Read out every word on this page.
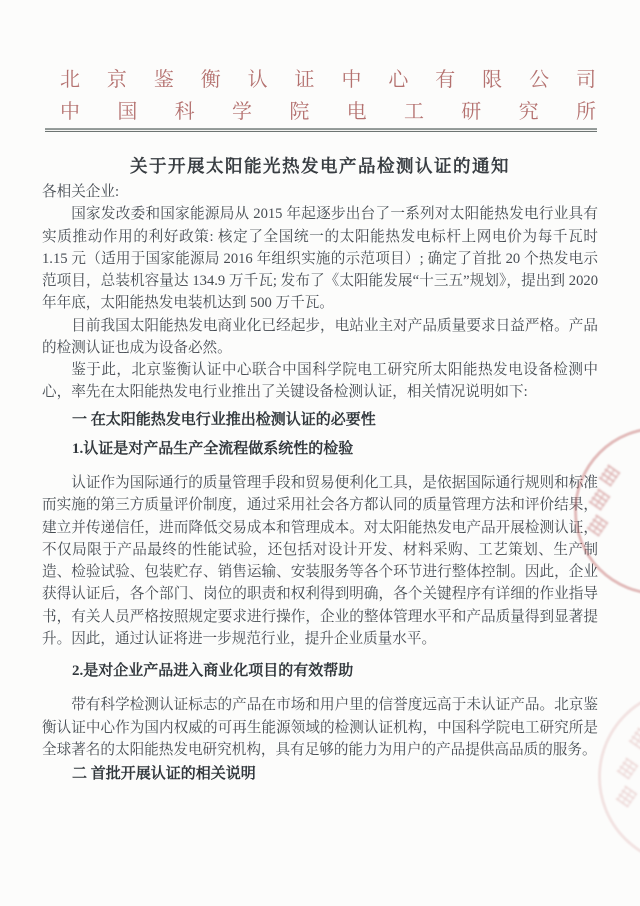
北 京 鉴 衡 认 证 中 心 有 限 公 司
中 国 科 学 院 电 工 研 究 所
关于开展太阳能光热发电产品检测认证的通知

各相关企业:

国家发改委和国家能源局从 2015 年起逐步出台了一系列对太阳能热发电行业具有实质推动作用的利好政策: 核定了全国统一的太阳能热发电标杆上网电价为每千瓦时 1.15 元（适用于国家能源局 2016 年组织实施的示范项目）; 确定了首批 20 个热发电示范项目，总装机容量达 134.9 万千瓦; 发布了《太阳能发展“十三五”规划》，提出到 2020 年年底，太阳能热发电装机达到 500 万千瓦。

目前我国太阳能热发电商业化已经起步，电站业主对产品质量要求日益严格。产品的检测认证也成为设备必然。

鉴于此，北京鉴衡认证中心联合中国科学院电工研究所太阳能热发电设备检测中心，率先在太阳能热发电行业推出了关键设备检测认证，相关情况说明如下:

一 在太阳能热发电行业推出检测认证的必要性
1.认证是对产品生产全流程做系统性的检验

认证作为国际通行的质量管理手段和贸易便利化工具，是依据国际通行规则和标准而实施的第三方质量评价制度，通过采用社会各方都认同的质量管理方法和评价结果，建立并传递信任，进而降低交易成本和管理成本。对太阳能热发电产品开展检测认证，不仅局限于产品最终的性能试验，还包括对设计开发、材料采购、工艺策划、生产制造、检验试验、包装贮存、销售运输、安装服务等各个环节进行整体控制。因此，企业获得认证后，各个部门、岗位的职责和权利得到明确，各个关键程序有详细的作业指导书，有关人员严格按照规定要求进行操作，企业的整体管理水平和产品质量得到显著提升。因此，通过认证将进一步规范行业，提升企业质量水平。

2.是对企业产品进入商业化项目的有效帮助

带有科学检测认证标志的产品在市场和用户里的信誉度远高于未认证产品。北京鉴衡认证中心作为国内权威的可再生能源领域的检测认证机构，中国科学院电工研究所是全球著名的太阳能热发电研究机构，具有足够的能力为用户的产品提供高品质的服务。

二 首批开展认证的相关说明
